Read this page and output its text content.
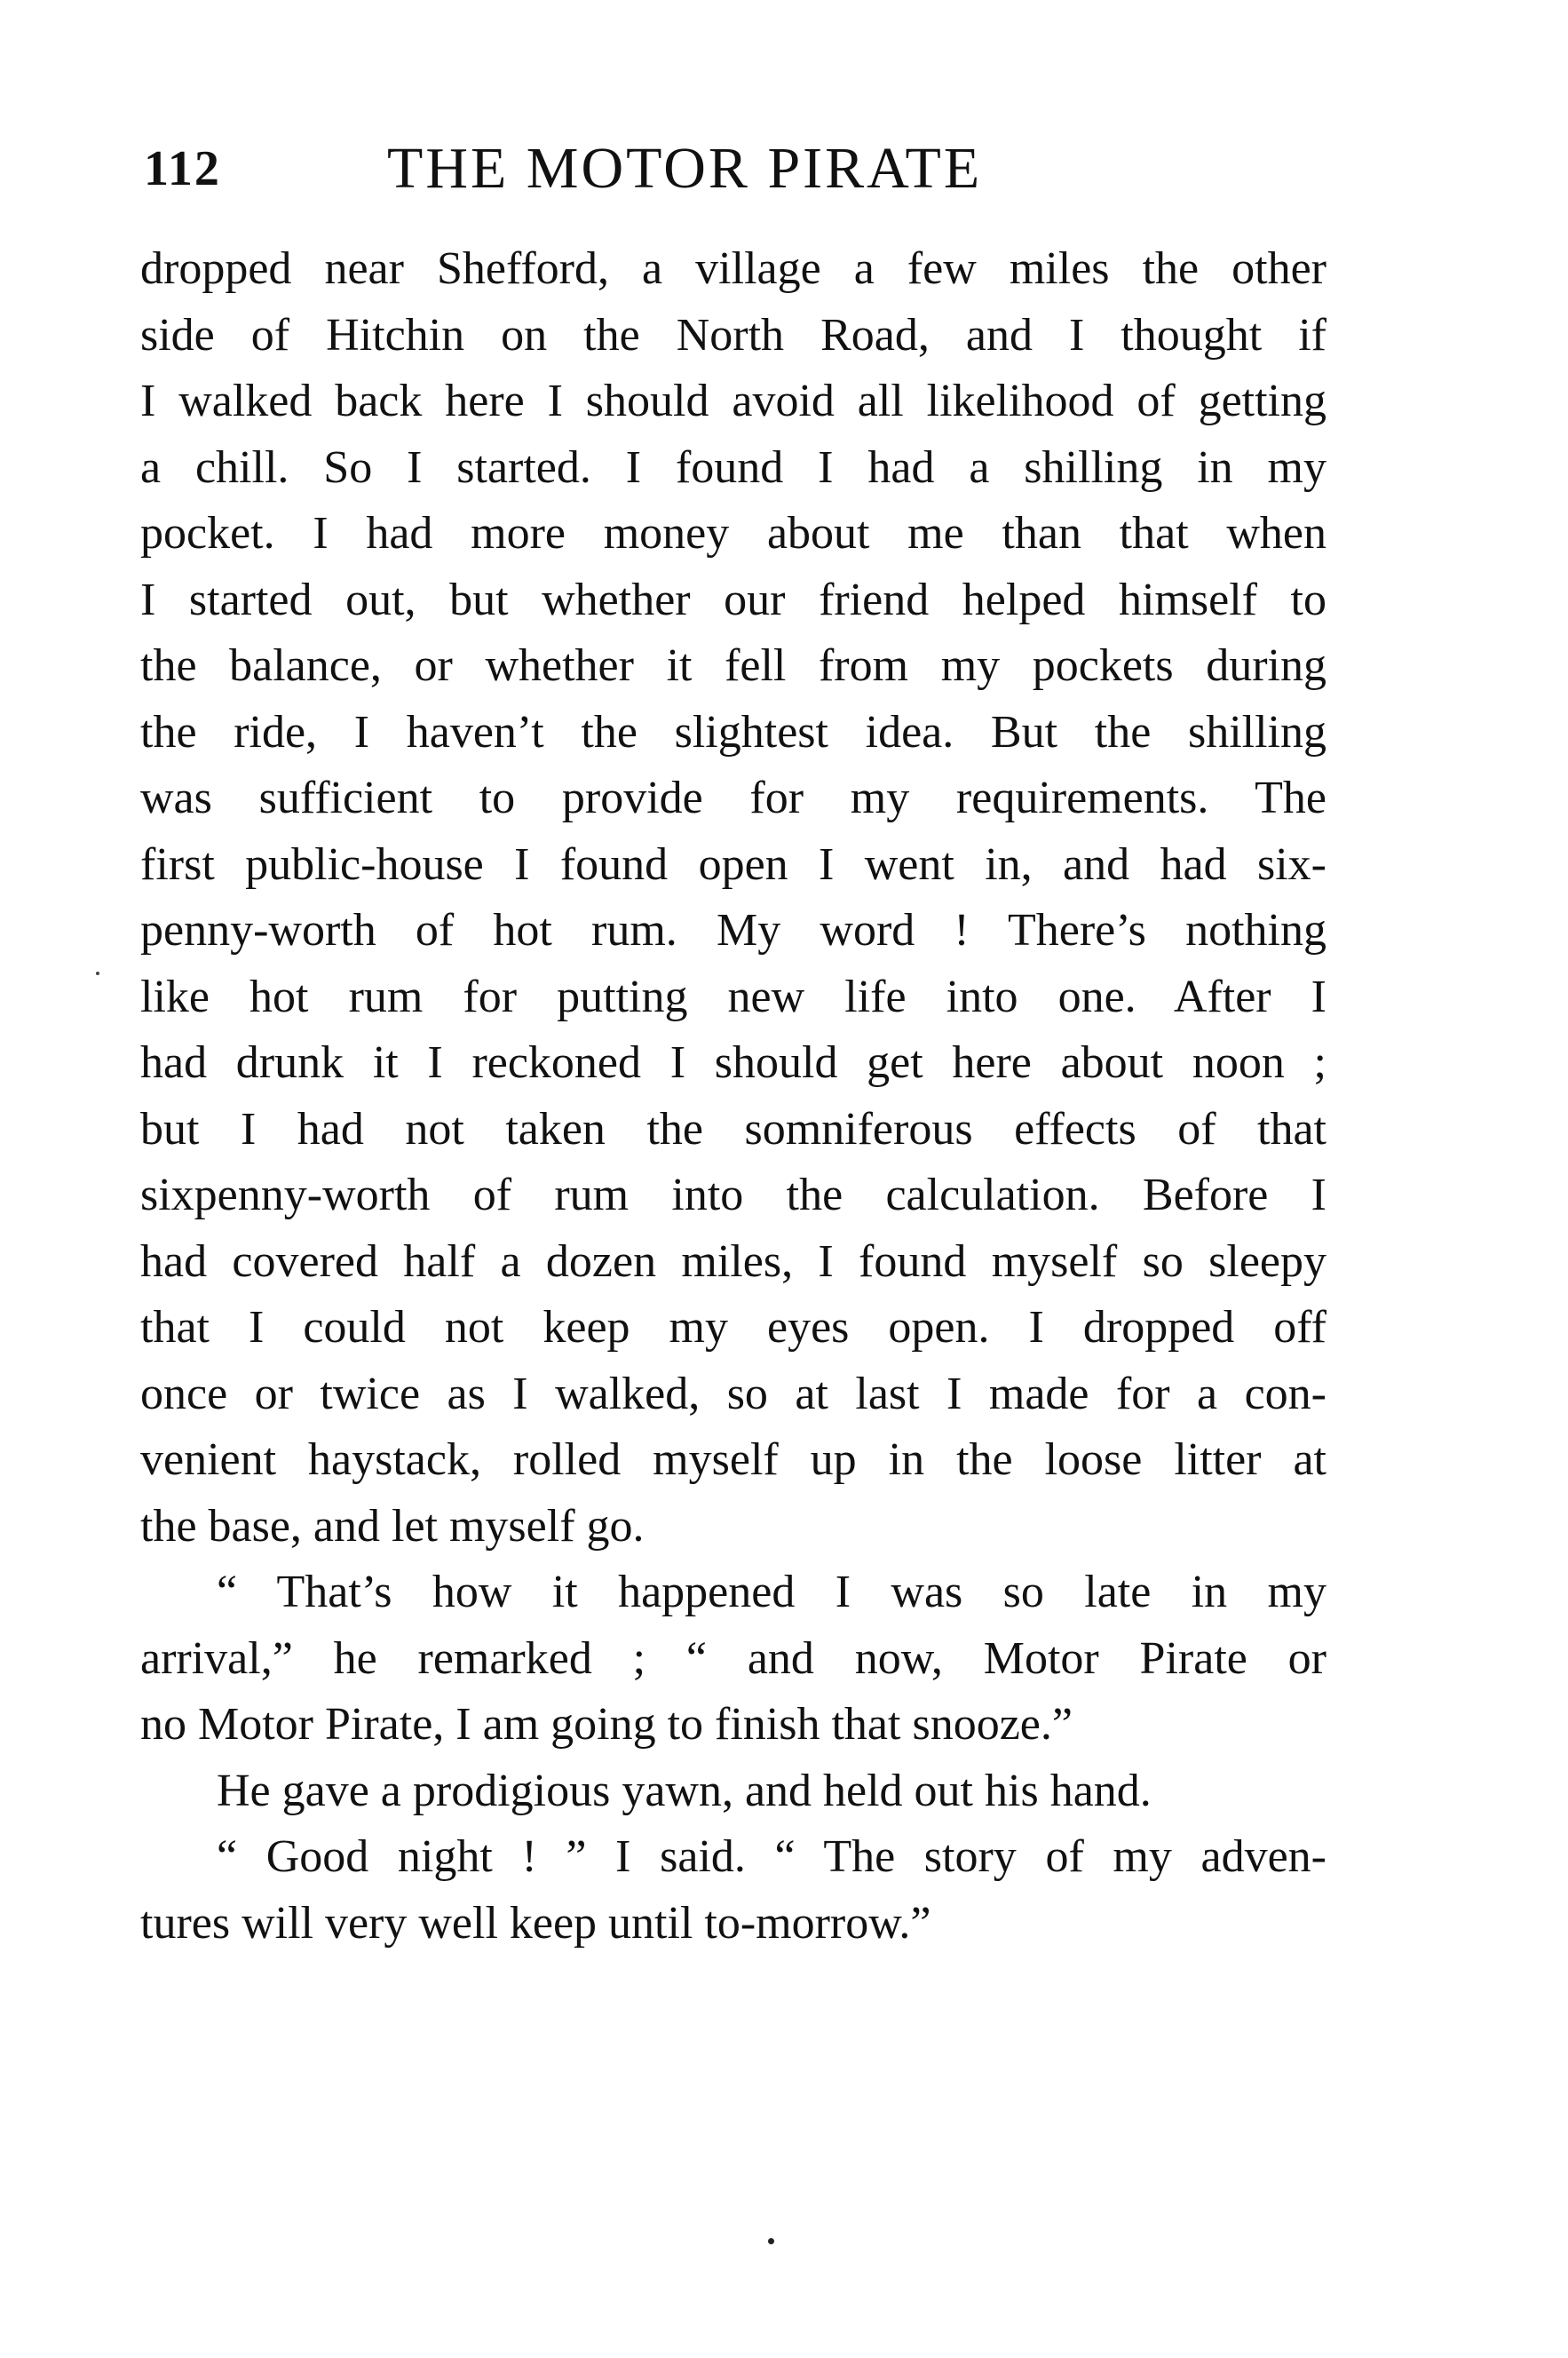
112	THE MOTOR PIRATE
dropped near Shefford, a village a few miles the other
side of Hitchin on the North Road, and I thought if
I walked back here I should avoid all likelihood of getting
a chill. So I started. I found I had a shilling in my
pocket. I had more money about me than that when
I started out, but whether our friend helped himself to
the balance, or whether it fell from my pockets during
the ride, I haven’t the slightest idea. But the shilling
was sufficient to provide for my requirements. The
first public-house I found open I went in, and had six-
penny-worth of hot rum. My word ! There’s nothing
like hot rum for putting new life into one. After I
had drunk it I reckoned I should get here about noon ;
but I had not taken the somniferous effects of that
sixpenny-worth of rum into the calculation. Before I
had covered half a dozen miles, I found myself so sleepy
that I could not keep my eyes open. I dropped off
once or twice as I walked, so at last I made for a con-
venient haystack, rolled myself up in the loose litter at
the base, and let myself go.
“ That’s how it happened I was so late in my
arrival,” he remarked ; “ and now, Motor Pirate or
no Motor Pirate, I am going to finish that snooze.”
He gave a prodigious yawn, and held out his hand.
“ Good night ! ” I said. “ The story of my adven-
tures will very well keep until to-morrow.”
